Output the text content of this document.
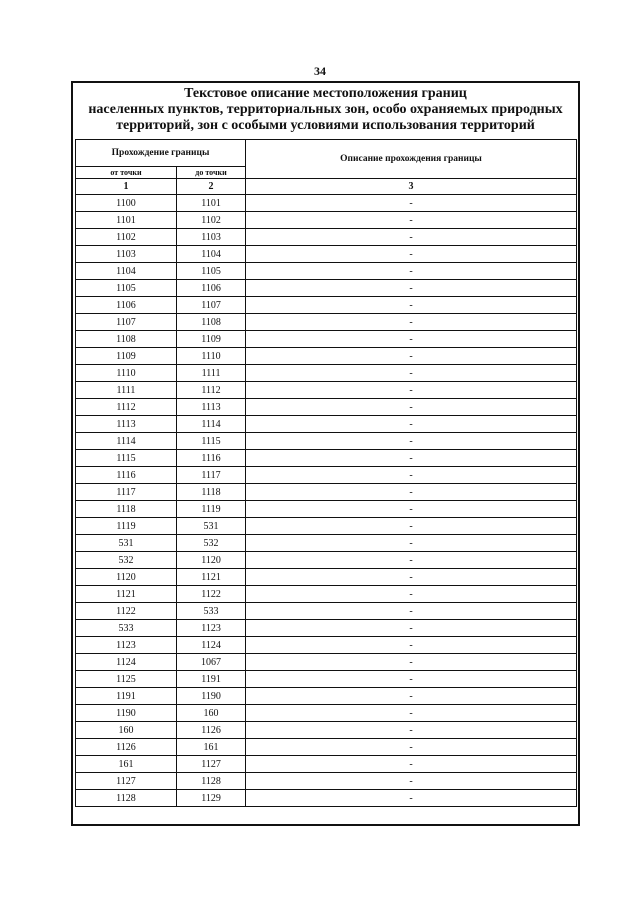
34
Текстовое описание местоположения границ
населенных пунктов, территориальных зон, особо охраняемых природных
территорий, зон с особыми условиями использования территорий
Прохождение границы		Описание прохождения границы
от точки	до точки	
1	2	3
1100	1101	-
1101	1102	-
1102	1103	-
1103	1104	-
1104	1105	-
1105	1106	-
1106	1107	-
1107	1108	-
1108	1109	-
1109	1110	-
1110	1111	-
1111	1112	-
1112	1113	-
1113	1114	-
1114	1115	-
1115	1116	-
1116	1117	-
1117	1118	-
1118	1119	-
1119	531	-
531	532	-
532	1120	-
1120	1121	-
1121	1122	-
1122	533	-
533	1123	-
1123	1124	-
1124	1067	-
1125	1191	-
1191	1190	-
1190	160	-
160	1126	-
1126	161	-
161	1127	-
1127	1128	-
1128	1129	-
